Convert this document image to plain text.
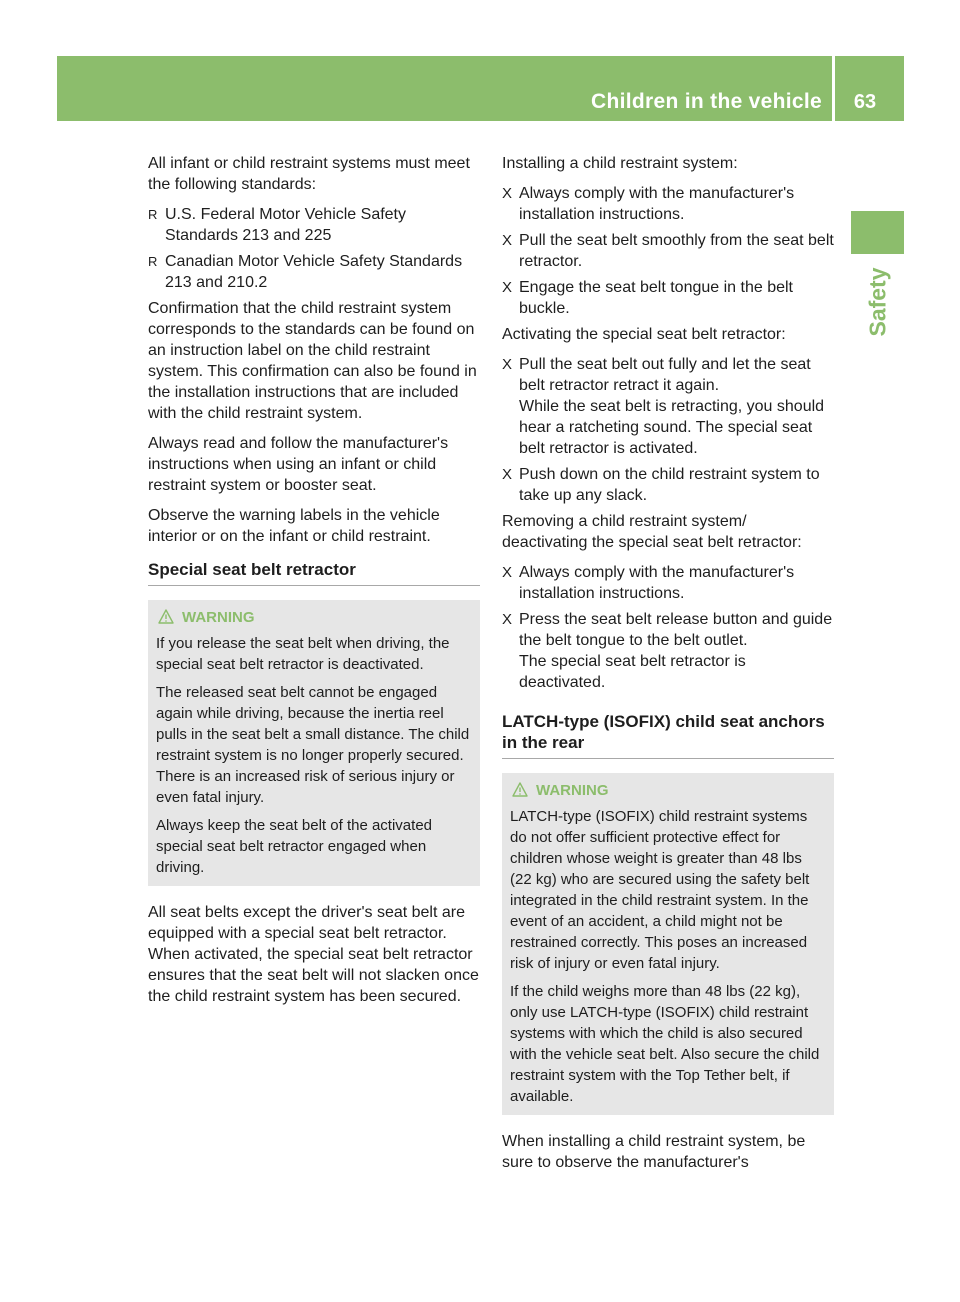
Children in the vehicle	63
Safety

All infant or child restraint systems must meet the following standards:

R U.S. Federal Motor Vehicle Safety Standards 213 and 225
R Canadian Motor Vehicle Safety Standards 213 and 210.2

Confirmation that the child restraint system corresponds to the standards can be found on an instruction label on the child restraint system. This confirmation can also be found in the installation instructions that are included with the child restraint system.

Always read and follow the manufacturer's instructions when using an infant or child restraint system or booster seat.

Observe the warning labels in the vehicle interior or on the infant or child restraint.

Special seat belt retractor
WARNING

If you release the seat belt when driving, the special seat belt retractor is deactivated.

The released seat belt cannot be engaged again while driving, because the inertia reel pulls in the seat belt a small distance. The child restraint system is no longer properly secured. There is an increased risk of serious injury or even fatal injury.

Always keep the seat belt of the activated special seat belt retractor engaged when driving.

All seat belts except the driver's seat belt are equipped with a special seat belt retractor. When activated, the special seat belt retractor ensures that the seat belt will not slacken once the child restraint system has been secured.

Installing a child restraint system:

X Always comply with the manufacturer's installation instructions.
X Pull the seat belt smoothly from the seat belt retractor.
X Engage the seat belt tongue in the belt buckle.

Activating the special seat belt retractor:

X Pull the seat belt out fully and let the seat belt retractor retract it again.
While the seat belt is retracting, you should hear a ratcheting sound. The special seat belt retractor is activated.
X Push down on the child restraint system to take up any slack.

Removing a child restraint system/ deactivating the special seat belt retractor:

X Always comply with the manufacturer's installation instructions.
X Press the seat belt release button and guide the belt tongue to the belt outlet.
The special seat belt retractor is deactivated.
LATCH-type (ISOFIX) child seat anchors in the rear
WARNING

LATCH-type (ISOFIX) child restraint systems do not offer sufficient protective effect for children whose weight is greater than 48 lbs (22 kg) who are secured using the safety belt integrated in the child restraint system. In the event of an accident, a child might not be restrained correctly. This poses an increased risk of injury or even fatal injury.

If the child weighs more than 48 lbs (22 kg), only use LATCH-type (ISOFIX) child restraint systems with which the child is also secured with the vehicle seat belt. Also secure the child restraint system with the Top Tether belt, if available.

When installing a child restraint system, be sure to observe the manufacturer's
